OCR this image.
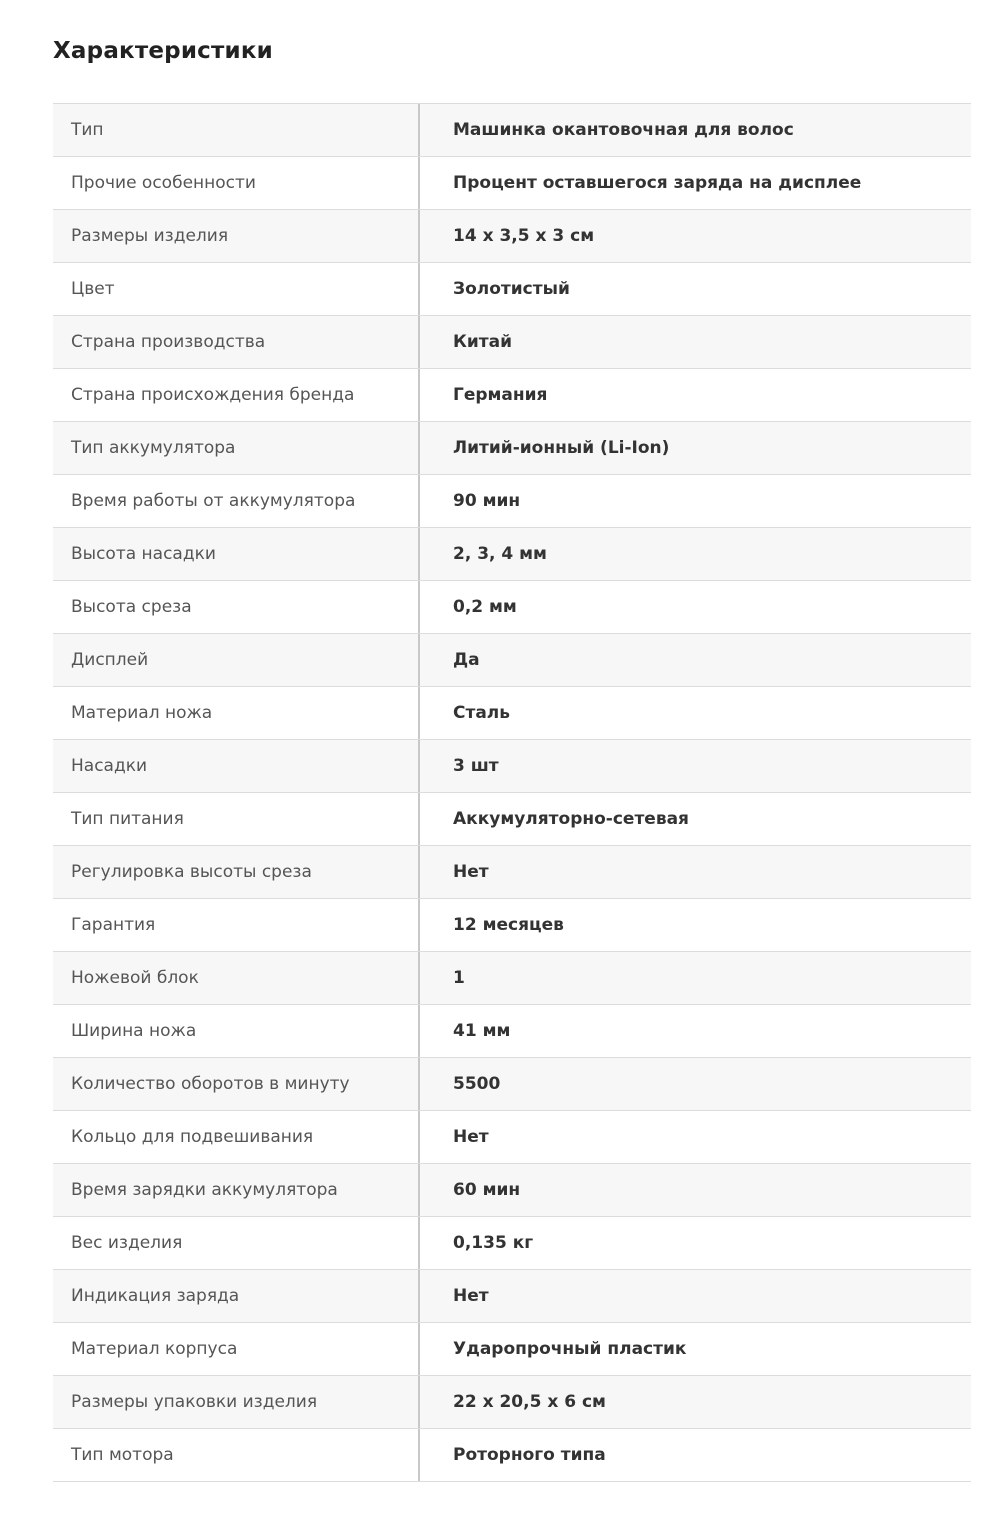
Характеристики
Тип	Машинка окантовочная для волос
Прочие особенности	Процент оставшегося заряда на дисплее
Размеры изделия	14 x 3,5 x 3 см
Цвет	Золотистый
Страна производства	Китай
Страна происхождения бренда	Германия
Тип аккумулятора	Литий-ионный (Li-Ion)
Время работы от аккумулятора	90 мин
Высота насадки	2, 3, 4 мм
Высота среза	0,2 мм
Дисплей	Да
Материал ножа	Сталь
Насадки	3 шт
Тип питания	Аккумуляторно-сетевая
Регулировка высоты среза	Нет
Гарантия	12 месяцев
Ножевой блок	1
Ширина ножа	41 мм
Количество оборотов в минуту	5500
Кольцо для подвешивания	Нет
Время зарядки аккумулятора	60 мин
Вес изделия	0,135 кг
Индикация заряда	Нет
Материал корпуса	Ударопрочный пластик
Размеры упаковки изделия	22 x 20,5 x 6 см
Тип мотора	Роторного типа
